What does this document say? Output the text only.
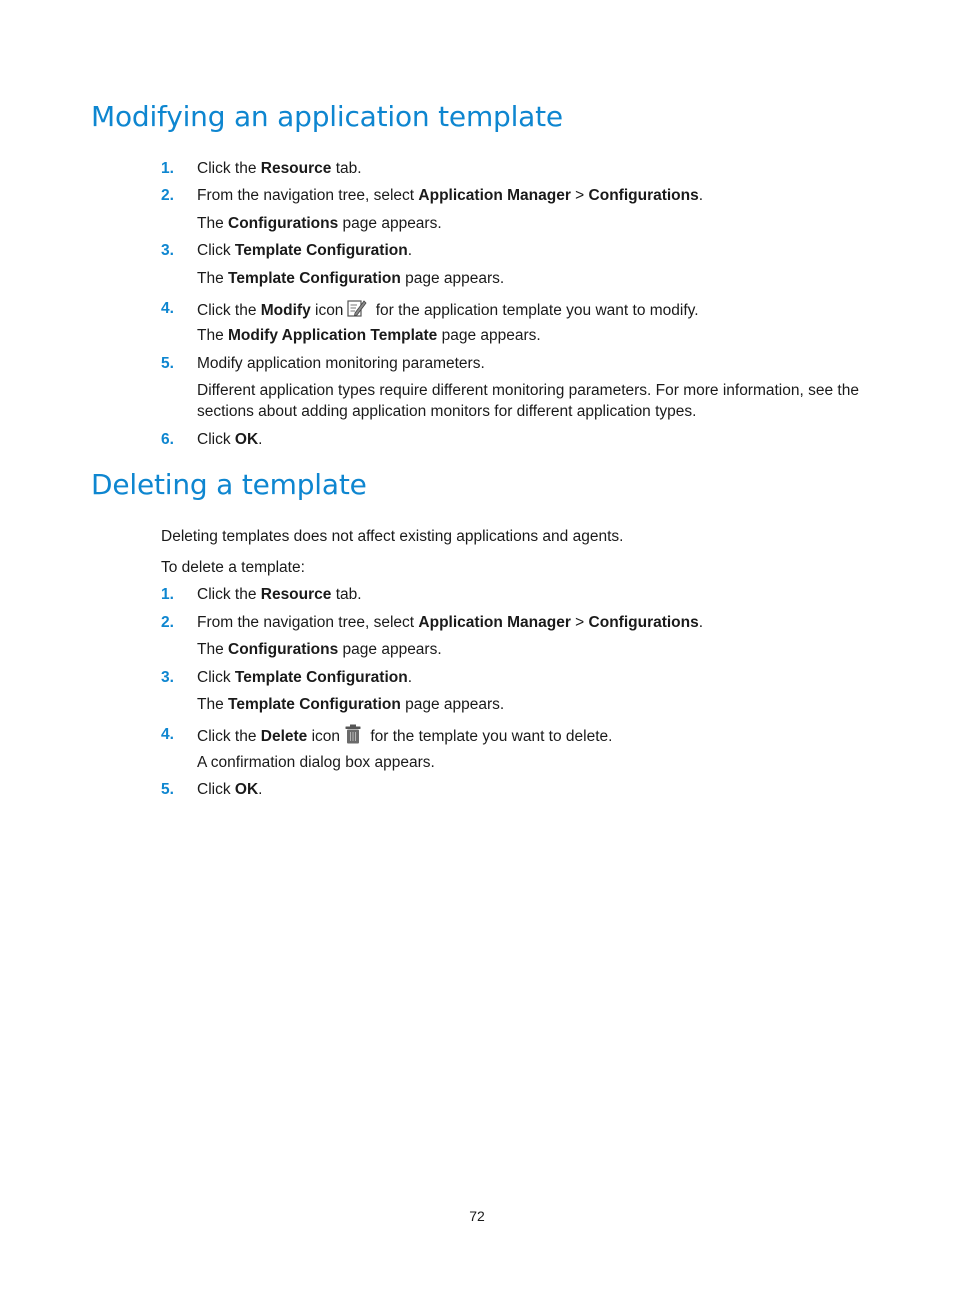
Modifying an application template
1. Click the Resource tab.
2. From the navigation tree, select Application Manager > Configurations.
The Configurations page appears.
3. Click Template Configuration.
The Template Configuration page appears.
4. Click the Modify icon for the application template you want to modify.
The Modify Application Template page appears.
5. Modify application monitoring parameters.
Different application types require different monitoring parameters. For more information, see the sections about adding application monitors for different application types.
6. Click OK.
Deleting a template
Deleting templates does not affect existing applications and agents.
To delete a template:
1. Click the Resource tab.
2. From the navigation tree, select Application Manager > Configurations.
The Configurations page appears.
3. Click Template Configuration.
The Template Configuration page appears.
4. Click the Delete icon for the template you want to delete.
A confirmation dialog box appears.
5. Click OK.
72
